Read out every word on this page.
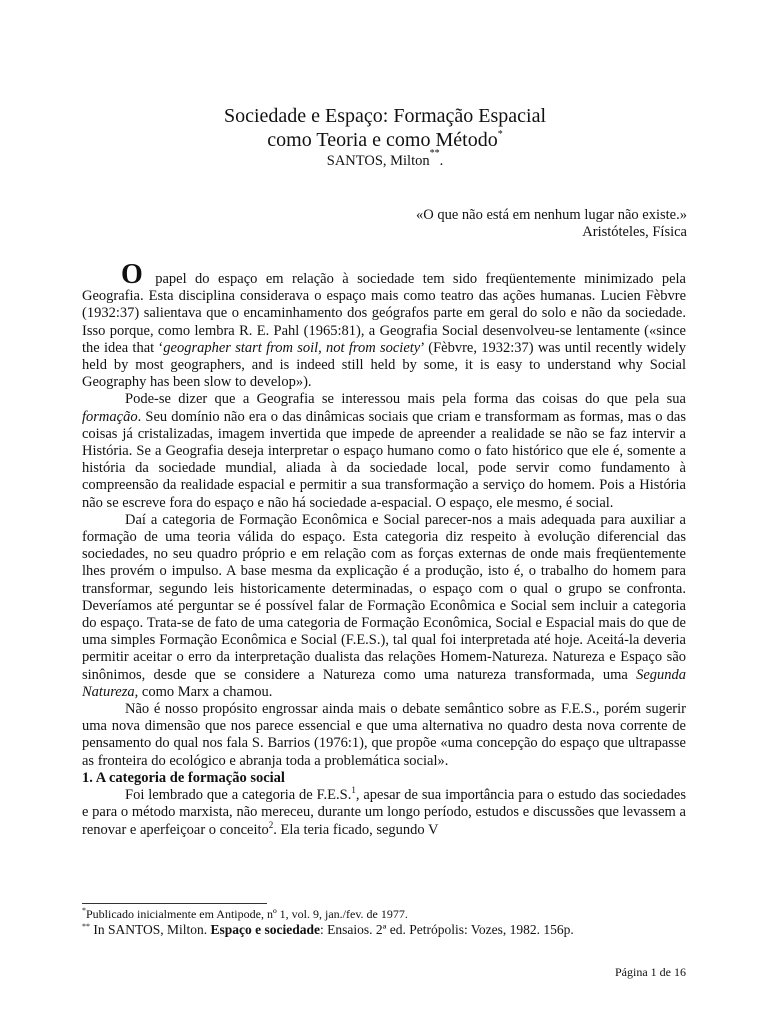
Sociedade e Espaço: Formação Espacial
como Teoria e como Método*
SANTOS, Milton**.
«O que não está em nenhum lugar não existe.»
Aristóteles, Física

O papel do espaço em relação à sociedade tem sido freqüentemente minimizado pela Geografia. Esta disciplina considerava o espaço mais como teatro das ações humanas. Lucien Fèbvre (1932:37) salientava que o encaminhamento dos geógrafos parte em geral do solo e não da sociedade. Isso porque, como lembra R. E. Pahl (1965:81), a Geografia Social desenvolveu-se lentamente («since the idea that ‘geographer start from soil, not from society’ (Fèbvre, 1932:37) was until recently widely held by most geographers, and is indeed still held by some, it is easy to understand why Social Geography has been slow to develop»).

Pode-se dizer que a Geografia se interessou mais pela forma das coisas do que pela sua formação. Seu domínio não era o das dinâmicas sociais que criam e transformam as formas, mas o das coisas já cristalizadas, imagem invertida que impede de apreender a realidade se não se faz intervir a História. Se a Geografia deseja interpretar o espaço humano como o fato histórico que ele é, somente a história da sociedade mundial, aliada à da sociedade local, pode servir como fundamento à compreensão da realidade espacial e permitir a sua transformação a serviço do homem. Pois a História não se escreve fora do espaço e não há sociedade a-espacial. O espaço, ele mesmo, é social.

Daí a categoria de Formação Econômica e Social parecer-nos a mais adequada para auxiliar a formação de uma teoria válida do espaço. Esta categoria diz respeito à evolução diferencial das sociedades, no seu quadro próprio e em relação com as forças externas de onde mais freqüentemente lhes provém o impulso. A base mesma da explicação é a produção, isto é, o trabalho do homem para transformar, segundo leis historicamente determinadas, o espaço com o qual o grupo se confronta. Deveríamos até perguntar se é possível falar de Formação Econômica e Social sem incluir a categoria do espaço. Trata-se de fato de uma categoria de Formação Econômica, Social e Espacial mais do que de uma simples Formação Econômica e Social (F.E.S.), tal qual foi interpretada até hoje. Aceitá-la deveria permitir aceitar o erro da interpretação dualista das relações Homem-Natureza. Natureza e Espaço são sinônimos, desde que se considere a Natureza como uma natureza transformada, uma Segunda Natureza, como Marx a chamou.

Não é nosso propósito engrossar ainda mais o debate semântico sobre as F.E.S., porém sugerir uma nova dimensão que nos parece essencial e que uma alternativa no quadro desta nova corrente de pensamento do qual nos fala S. Barrios (1976:1), que propõe «uma concepção do espaço que ultrapasse as fronteira do ecológico e abranja toda a problemática social».

1. A categoria de formação social

Foi lembrado que a categoria de F.E.S.$^1$, apesar de sua importância para o estudo das sociedades e para o método marxista, não mereceu, durante um longo período, estudos e discussões que levassem a renovar e aperfeiçoar o conceito$^2$. Ela teria ficado, segundo V

*Publicado inicialmente em Antipode, nº 1, vol. 9, jan./fev. de 1977.
** In SANTOS, Milton. Espaço e sociedade: Ensaios. 2ª ed. Petrópolis: Vozes, 1982. 156p.
Página 1 de 16
